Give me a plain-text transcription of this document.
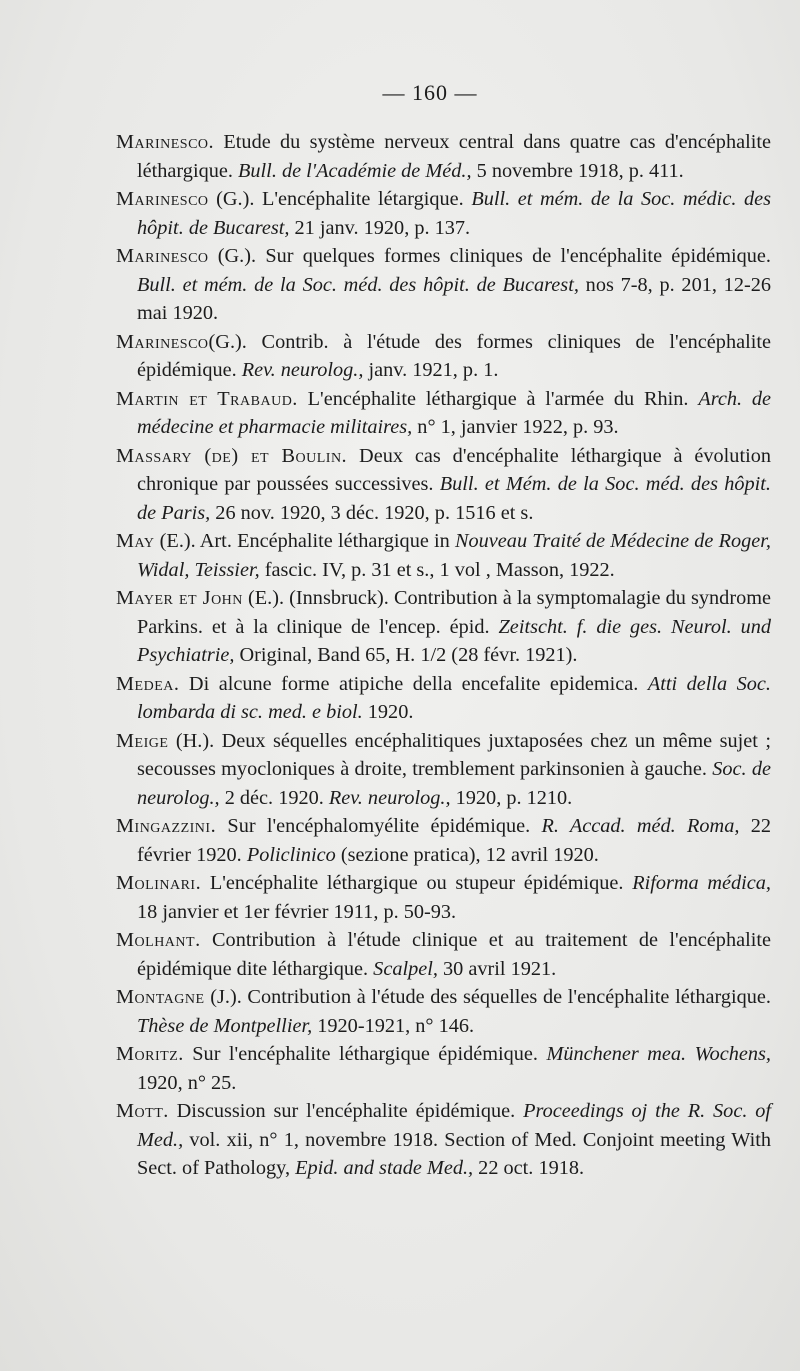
— 160 —

Marinesco. Etude du système nerveux central dans quatre cas d'encéphalite léthargique. Bull. de l'Académie de Méd., 5 novembre 1918, p. 411.

Marinesco (G.). L'encéphalite létargique. Bull. et mém. de la Soc. médic. des hôpit. de Bucarest, 21 janv. 1920, p. 137.

Marinesco (G.). Sur quelques formes cliniques de l'encéphalite épidémique. Bull. et mém. de la Soc. méd. des hôpit. de Bucarest, nos 7-8, p. 201, 12-26 mai 1920.

Marinesco(G.). Contrib. à l'étude des formes cliniques de l'encéphalite épidémique. Rev. neurolog., janv. 1921, p. 1.

Martin et Trabaud. L'encéphalite léthargique à l'armée du Rhin. Arch. de médecine et pharmacie militaires, n° 1, janvier 1922, p. 93.

Massary (de) et Boulin. Deux cas d'encéphalite léthargique à évolution chronique par poussées successives. Bull. et Mém. de la Soc. méd. des hôpit. de Paris, 26 nov. 1920, 3 déc. 1920, p. 1516 et s.

May (E.). Art. Encéphalite léthargique in Nouveau Traité de Médecine de Roger, Widal, Teissier, fascic. IV, p. 31 et s., 1 vol , Masson, 1922.

Mayer et John (E.). (Innsbruck). Contribution à la symptomalagie du syndrome Parkins. et à la clinique de l'encep. épid. Zeitscht. f. die ges. Neurol. und Psychiatrie, Original, Band 65, H. 1/2 (28 févr. 1921).

Medea. Di alcune forme atipiche della encefalite epidemica. Atti della Soc. lombarda di sc. med. e biol. 1920.

Meige (H.). Deux séquelles encéphalitiques juxtaposées chez un même sujet ; secousses myocloniques à droite, tremblement parkinsonien à gauche. Soc. de neurolog., 2 déc. 1920. Rev. neurolog., 1920, p. 1210.

Mingazzini. Sur l'encéphalomyélite épidémique. R. Accad. méd. Roma, 22 février 1920. Policlinico (sezione pratica), 12 avril 1920.

Molinari. L'encéphalite léthargique ou stupeur épidémique. Riforma médica, 18 janvier et 1er février 1911, p. 50-93.

Molhant. Contribution à l'étude clinique et au traitement de l'encéphalite épidémique dite léthargique. Scalpel, 30 avril 1921.

Montagne (J.). Contribution à l'étude des séquelles de l'encéphalite léthargique. Thèse de Montpellier, 1920-1921, n° 146.

Moritz. Sur l'encéphalite léthargique épidémique. Münchener mea. Wochens, 1920, n° 25.

Mott. Discussion sur l'encéphalite épidémique. Proceedings oj the R. Soc. of Med., vol. xii, n° 1, novembre 1918. Section of Med. Conjoint meeting With Sect. of Pathology, Epid. and stade Med., 22 oct. 1918.
